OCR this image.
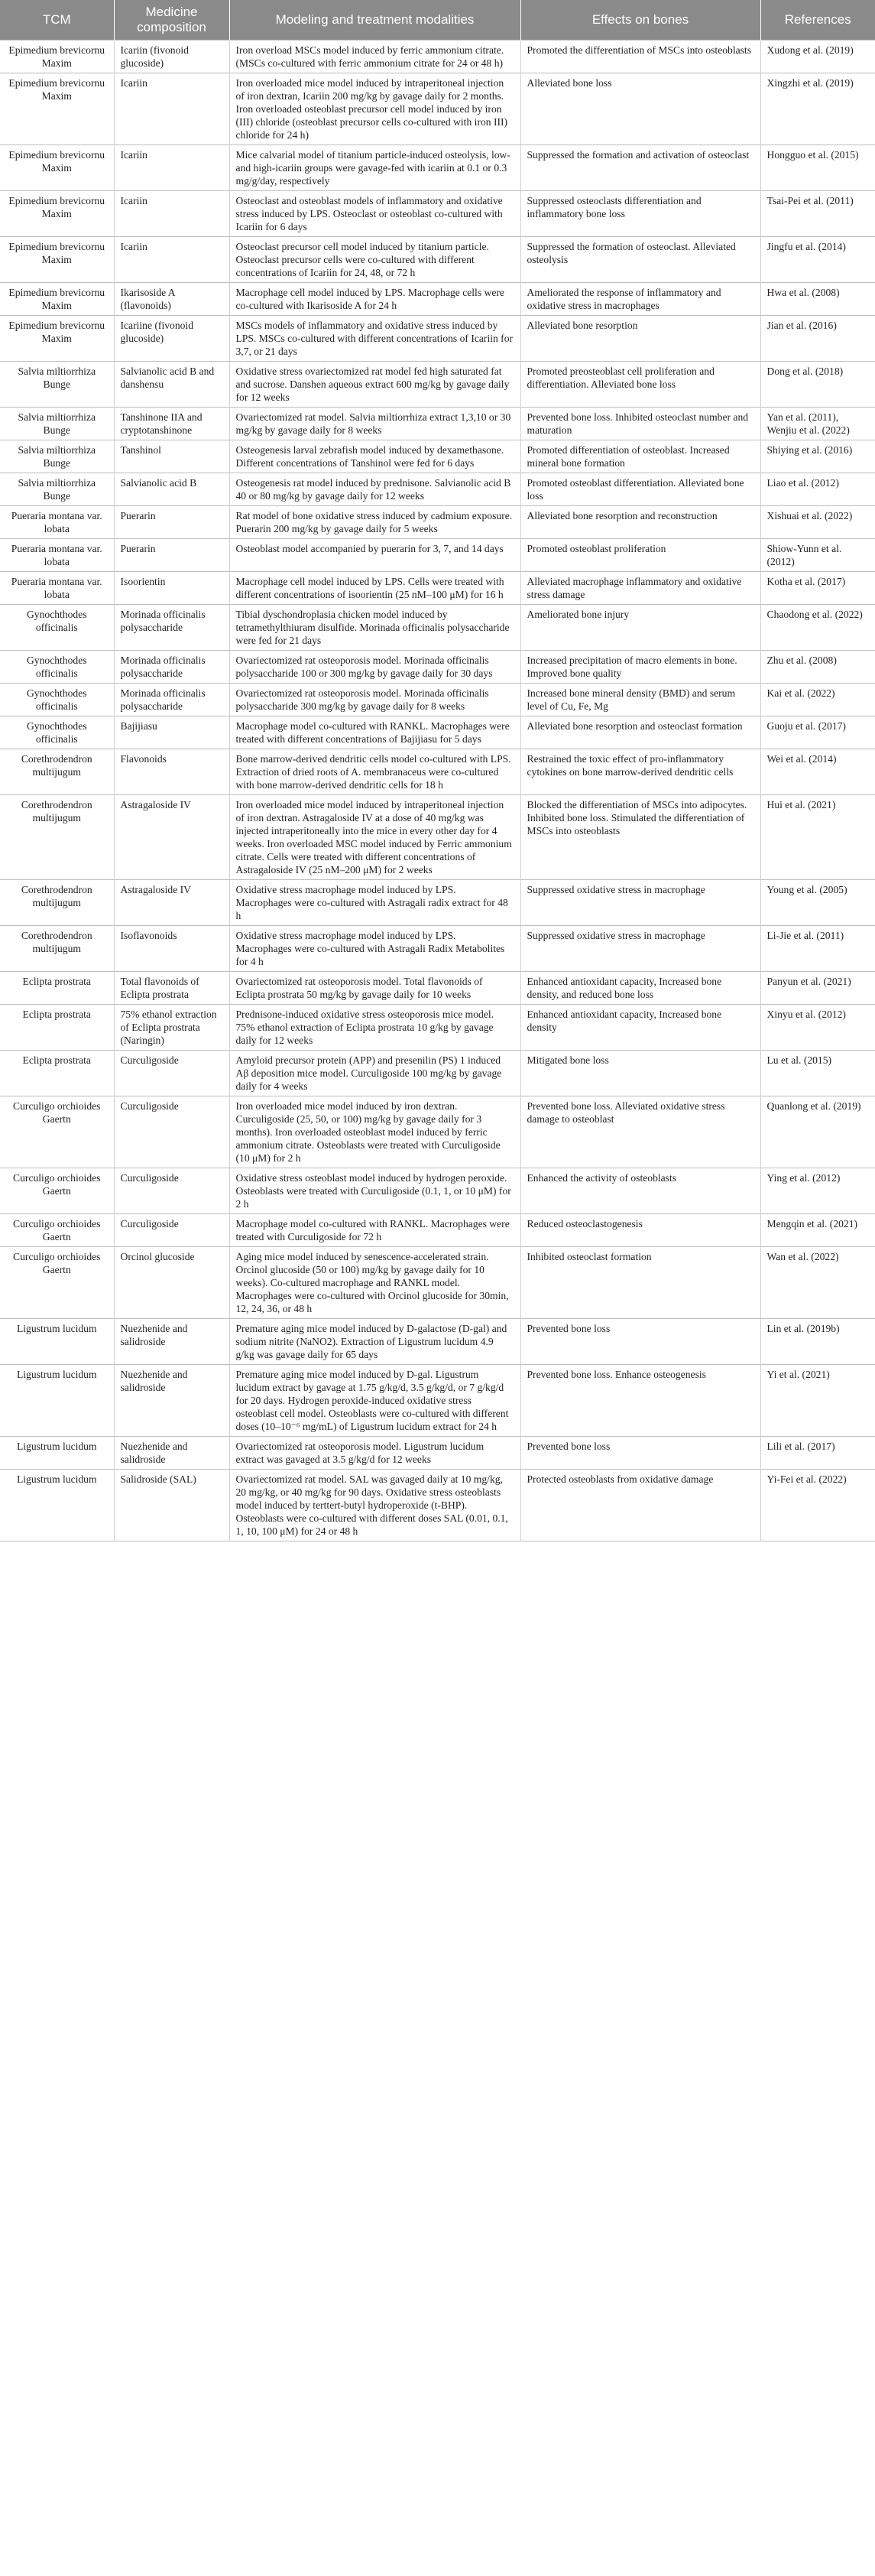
TCM	Medicine composition	Modeling and treatment modalities	Effects on bones	References
Epimedium brevicornu Maxim	Icariin (fivonoid glucoside)	Iron overload MSCs model induced by ferric ammonium citrate. (MSCs co-cultured with ferric ammonium citrate for 24 or 48 h)	Promoted the differentiation of MSCs into osteoblasts	Xudong et al. (2019)
Epimedium brevicornu Maxim	Icariin	Iron overloaded mice model induced by intraperitoneal injection of iron dextran, Icariin 200 mg/kg by gavage daily for 2 months. Iron overloaded osteoblast precursor cell model induced by iron (III) chloride (osteoblast precursor cells co-cultured with iron III) chloride for 24 h)	Alleviated bone loss	Xingzhi et al. (2019)
Epimedium brevicornu Maxim	Icariin	Mice calvarial model of titanium particle-induced osteolysis, low- and high-icariin groups were gavage-fed with icariin at 0.1 or 0.3 mg/g/day, respectively	Suppressed the formation and activation of osteoclast	Hongguo et al. (2015)
Epimedium brevicornu Maxim	Icariin	Osteoclast and osteoblast models of inflammatory and oxidative stress induced by LPS. Osteoclast or osteoblast co-cultured with Icariin for 6 days	Suppressed osteoclasts differentiation and inflammatory bone loss	Tsai-Pei et al. (2011)
Epimedium brevicornu Maxim	Icariin	Osteoclast precursor cell model induced by titanium particle. Osteoclast precursor cells were co-cultured with different concentrations of Icariin for 24, 48, or 72 h	Suppressed the formation of osteoclast. Alleviated osteolysis	Jingfu et al. (2014)
Epimedium brevicornu Maxim	Ikarisoside A (flavonoids)	Macrophage cell model induced by LPS. Macrophage cells were co-cultured with Ikarisoside A for 24 h	Ameliorated the response of inflammatory and oxidative stress in macrophages	Hwa et al. (2008)
Epimedium brevicornu Maxim	Icariine (fivonoid glucoside)	MSCs models of inflammatory and oxidative stress induced by LPS. MSCs co-cultured with different concentrations of Icariin for 3,7, or 21 days	Alleviated bone resorption	Jian et al. (2016)
Salvia miltiorrhiza Bunge	Salvianolic acid B and danshensu	Oxidative stress ovariectomized rat model fed high saturated fat and sucrose. Danshen aqueous extract 600 mg/kg by gavage daily for 12 weeks	Promoted preosteoblast cell proliferation and differentiation. Alleviated bone loss	Dong et al. (2018)
Salvia miltiorrhiza Bunge	Tanshinone IIA and cryptotanshinone	Ovariectomized rat model. Salvia miltiorrhiza extract 1,3,10 or 30 mg/kg by gavage daily for 8 weeks	Prevented bone loss. Inhibited osteoclast number and maturation	Yan et al. (2011), Wenjiu et al. (2022)
Salvia miltiorrhiza Bunge	Tanshinol	Osteogenesis larval zebrafish model induced by dexamethasone. Different concentrations of Tanshinol were fed for 6 days	Promoted differentiation of osteoblast. Increased mineral bone formation	Shiying et al. (2016)
Salvia miltiorrhiza Bunge	Salvianolic acid B	Osteogenesis rat model induced by prednisone. Salvianolic acid B 40 or 80 mg/kg by gavage daily for 12 weeks	Promoted osteoblast differentiation. Alleviated bone loss	Liao et al. (2012)
Pueraria montana var. lobata	Puerarin	Rat model of bone oxidative stress induced by cadmium exposure. Puerarin 200 mg/kg by gavage daily for 5 weeks	Alleviated bone resorption and reconstruction	Xishuai et al. (2022)
Pueraria montana var. lobata	Puerarin	Osteoblast model accompanied by puerarin for 3, 7, and 14 days	Promoted osteoblast proliferation	Shiow-Yunn et al. (2012)
Pueraria montana var. lobata	Isoorientin	Macrophage cell model induced by LPS. Cells were treated with different concentrations of isoorientin (25 nM–100 μM) for 16 h	Alleviated macrophage inflammatory and oxidative stress damage	Kotha et al. (2017)
Gynochthodes officinalis	Morinada officinalis polysaccharide	Tibial dyschondroplasia chicken model induced by tetramethylthiuram disulfide. Morinada officinalis polysaccharide were fed for 21 days	Ameliorated bone injury	Chaodong et al. (2022)
Gynochthodes officinalis	Morinada officinalis polysaccharide	Ovariectomized rat osteoporosis model. Morinada officinalis polysaccharide 100 or 300 mg/kg by gavage daily for 30 days	Increased precipitation of macro elements in bone. Improved bone quality	Zhu et al. (2008)
Gynochthodes officinalis	Morinada officinalis polysaccharide	Ovariectomized rat osteoporosis model. Morinada officinalis polysaccharide 300 mg/kg by gavage daily for 8 weeks	Increased bone mineral density (BMD) and serum level of Cu, Fe, Mg	Kai et al. (2022)
Gynochthodes officinalis	Bajijiasu	Macrophage model co-cultured with RANKL. Macrophages were treated with different concentrations of Bajijiasu for 5 days	Alleviated bone resorption and osteoclast formation	Guoju et al. (2017)
Corethrodendron multijugum	Flavonoids	Bone marrow-derived dendritic cells model co-cultured with LPS. Extraction of dried roots of A. membranaceus were co-cultured with bone marrow-derived dendritic cells for 18 h	Restrained the toxic effect of pro-inflammatory cytokines on bone marrow-derived dendritic cells	Wei et al. (2014)
Corethrodendron multijugum	Astragaloside IV	Iron overloaded mice model induced by intraperitoneal injection of iron dextran. Astragaloside IV at a dose of 40 mg/kg was injected intraperitoneally into the mice in every other day for 4 weeks. Iron overloaded MSC model induced by Ferric ammonium citrate. Cells were treated with different concentrations of Astragaloside IV (25 nM–200 μM) for 2 weeks	Blocked the differentiation of MSCs into adipocytes. Inhibited bone loss. Stimulated the differentiation of MSCs into osteoblasts	Hui et al. (2021)
Corethrodendron multijugum	Astragaloside IV	Oxidative stress macrophage model induced by LPS. Macrophages were co-cultured with Astragali radix extract for 48 h	Suppressed oxidative stress in macrophage	Young et al. (2005)
Corethrodendron multijugum	Isoflavonoids	Oxidative stress macrophage model induced by LPS. Macrophages were co-cultured with Astragali Radix Metabolites for 4 h	Suppressed oxidative stress in macrophage	Li-Jie et al. (2011)
Eclipta prostrata	Total flavonoids of Eclipta prostrata	Ovariectomized rat osteoporosis model. Total flavonoids of Eclipta prostrata 50 mg/kg by gavage daily for 10 weeks	Enhanced antioxidant capacity, Increased bone density, and reduced bone loss	Panyun et al. (2021)
Eclipta prostrata	75% ethanol extraction of Eclipta prostrata (Naringin)	Prednisone-induced oxidative stress osteoporosis mice model. 75% ethanol extraction of Eclipta prostrata 10 g/kg by gavage daily for 12 weeks	Enhanced antioxidant capacity, Increased bone density	Xinyu et al. (2012)
Eclipta prostrata	Curculigoside	Amyloid precursor protein (APP) and presenilin (PS) 1 induced Aβ deposition mice model. Curculigoside 100 mg/kg by gavage daily for 4 weeks	Mitigated bone loss	Lu et al. (2015)
Curculigo orchioides Gaertn	Curculigoside	Iron overloaded mice model induced by iron dextran. Curculigoside (25, 50, or 100) mg/kg by gavage daily for 3 months). Iron overloaded osteoblast model induced by ferric ammonium citrate. Osteoblasts were treated with Curculigoside (10 μM) for 2 h	Prevented bone loss. Alleviated oxidative stress damage to osteoblast	Quanlong et al. (2019)
Curculigo orchioides Gaertn	Curculigoside	Oxidative stress osteoblast model induced by hydrogen peroxide. Osteoblasts were treated with Curculigoside (0.1, 1, or 10 μM) for 2 h	Enhanced the activity of osteoblasts	Ying et al. (2012)
Curculigo orchioides Gaertn	Curculigoside	Macrophage model co-cultured with RANKL. Macrophages were treated with Curculigoside for 72 h	Reduced osteoclastogenesis	Mengqin et al. (2021)
Curculigo orchioides Gaertn	Orcinol glucoside	Aging mice model induced by senescence-accelerated strain. Orcinol glucoside (50 or 100) mg/kg by gavage daily for 10 weeks). Co-cultured macrophage and RANKL model. Macrophages were co-cultured with Orcinol glucoside for 30min, 12, 24, 36, or 48 h	Inhibited osteoclast formation	Wan et al. (2022)
Ligustrum lucidum	Nuezhenide and salidroside	Premature aging mice model induced by D-galactose (D-gal) and sodium nitrite (NaNO2). Extraction of Ligustrum lucidum 4.9 g/kg was gavage daily for 65 days	Prevented bone loss	Lin et al. (2019b)
Ligustrum lucidum	Nuezhenide and salidroside	Premature aging mice model induced by D-gal. Ligustrum lucidum extract by gavage at 1.75 g/kg/d, 3.5 g/kg/d, or 7 g/kg/d for 20 days. Hydrogen peroxide-induced oxidative stress osteoblast cell model. Osteoblasts were co-cultured with different doses (10–10⁻⁶ mg/mL) of Ligustrum lucidum extract for 24 h	Prevented bone loss. Enhance osteogenesis	Yi et al. (2021)
Ligustrum lucidum	Nuezhenide and salidroside	Ovariectomized rat osteoporosis model. Ligustrum lucidum extract was gavaged at 3.5 g/kg/d for 12 weeks	Prevented bone loss	Lili et al. (2017)
Ligustrum lucidum	Salidroside (SAL)	Ovariectomized rat model. SAL was gavaged daily at 10 mg/kg, 20 mg/kg, or 40 mg/kg for 90 days. Oxidative stress osteoblasts model induced by terttert-butyl hydroperoxide (t-BHP). Osteoblasts were co-cultured with different doses SAL (0.01, 0.1, 1, 10, 100 μM) for 24 or 48 h	Protected osteoblasts from oxidative damage	Yi-Fei et al. (2022)
